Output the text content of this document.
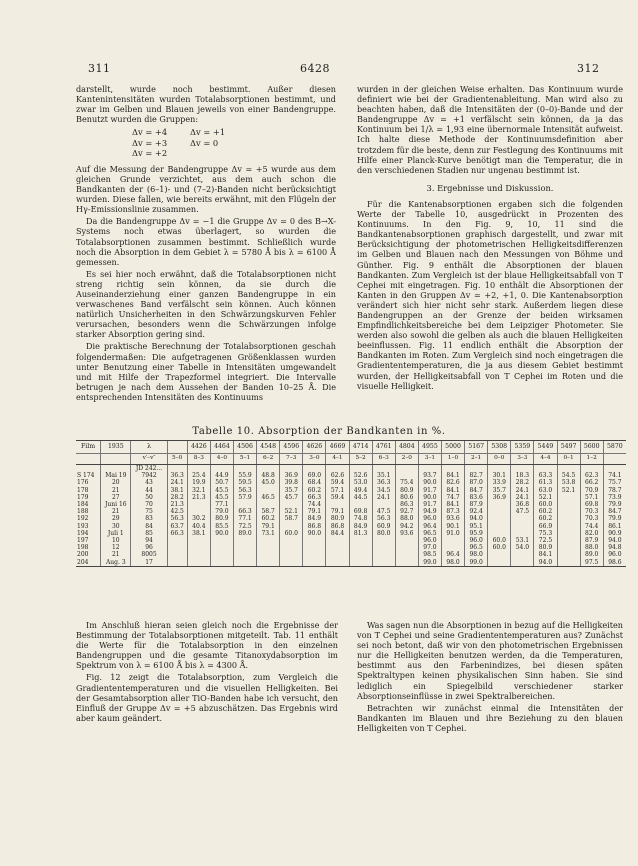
311	6428	312

darstellt, wurde noch bestimmt. Außer diesen Kantenintensitäten wurden Totalabsorptionen bestimmt, und zwar im Gelben und Blauen jeweils von einer Bandengruppe. Benutzt wurden die Gruppen:

Δv = +4	Δv = +1
Δv = +3	Δv = 0
Δv = +2

Auf die Messung der Bandengruppe Δv = +5 wurde aus dem gleichen Grunde verzichtet, aus dem auch schon die Bandkanten der (6–1)- und (7–2)-Banden nicht berücksichtigt wurden. Diese fallen, wie bereits erwähnt, mit den Flügeln der Hγ-Emissionslinie zusammen.

Da die Bandengruppe Δv = −1 die Gruppe Δv = 0 des B→X-Systems noch etwas überlagert, so wurden die Totalabsorptionen zusammen bestimmt. Schließlich wurde noch die Absorption in dem Gebiet λ = 5780 Å bis λ = 6100 Å gemessen.

Es sei hier noch erwähnt, daß die Totalabsorptionen nicht streng richtig sein können, da sie durch die Auseinanderziehung einer ganzen Bandengruppe in ein verwaschenes Band verfälscht sein können. Auch können natürlich Unsicherheiten in den Schwärzungskurven Fehler verursachen, besonders wenn die Schwärzungen infolge starker Absorption gering sind.

Die praktische Berechnung der Totalabsorptionen geschah folgendermaßen: Die aufgetragenen Größenklassen wurden unter Benutzung einer Tabelle in Intensitäten umgewandelt und mit Hilfe der Trapezformel integriert. Die Intervalle betrugen je nach dem Aussehen der Banden 10–25 Å. Die entsprechenden Intensitäten des Kontinuums

wurden in der gleichen Weise erhalten. Das Kontinuum wurde definiert wie bei der Gradientenableitung. Man wird also zu beachten haben, daß die Intensitäten der (0–0)-Bande und der Bandengruppe Δv = +1 verfälscht sein können, da ja das Kontinuum bei 1/λ = 1,93 eine übernormale Intensität aufweist. Ich halte diese Methode der Kontinuumsdefinition aber trotzdem für die beste, denn zur Festlegung des Kontinuums mit Hilfe einer Planck-Kurve benötigt man die Temperatur, die in den verschiedenen Stadien nur ungenau bestimmt ist.

3. Ergebnisse und Diskussion.

Für die Kantenabsorptionen ergaben sich die folgenden Werte der Tabelle 10, ausgedrückt in Prozenten des Kontinuums. In den Fig. 9, 10, 11 sind die Bandkantenabsorptionen graphisch dargestellt, und zwar mit Berücksichtigung der photometrischen Helligkeitsdifferenzen im Gelben und Blauen nach den Messungen von Böhme und Günther. Fig. 9 enthält die Absorptionen der blauen Bandkanten. Zum Vergleich ist der blaue Helligkeitsabfall von T Cephei mit eingetragen. Fig. 10 enthält die Absorptionen der Kanten in den Gruppen Δv = +2, +1, 0. Die Kantenabsorption verändert sich hier nicht sehr stark. Außerdem liegen diese Bandengruppen an der Grenze der beiden wirksamen Empfindlichkeitsbereiche bei dem Leipziger Photometer. Sie werden also sowohl die gelben als auch die blauen Helligkeiten beeinflussen. Fig. 11 endlich enthält die Absorption der Bandkanten im Roten. Zum Vergleich sind noch eingetragen die Gradiententemperaturen, die ja aus diesem Gebiet bestimmt wurden, der Helligkeitsabfall von T Cephei im Roten und die visuelle Helligkeit.

Tabelle 10. Absorption der Bandkanten in %.
Film	1935	λ		4426	4464	4506	4548	4596	4626	4669	4714	4761	4804	4955	5000	5167	5308	5359	5449	5497	5600	5870
		v′–v″	5–0	8–3	4–0	5–1	6–2	7–3	3–0	4–1	5–2	6–3	2–0	3–1	1–0	2–1	0–0	3–3	4–4	0–1	1–2	
		JD 242...																				
S 174	Mai 19	7942	36.3	25.4	44.9	55.9	48.8	36.9	69.0	62.6	52.6	35.1		93.7	84.1	82.7	30.1	18.3	63.3	54.5	62.3	74.1
176	20	43	24.1	19.9	50.7	59.5	45.0	39.8	68.4	59.4	53.0	36.3	75.4	90.0	82.6	87.0	33.9	28.2	61.3	53.8	66.2	75.7
178	21	44	38.1	32.1	45.5	56.3		35.7	60.2	57.1	49.4	34.5	80.9	91.7	84.1	84.7	35.7	24.1	63.0	52.1	70.9	78.7
179	27	50	28.2	21.3	45.5	57.9	46.5	45.7	66.3	59.4	44.5	24.1	80.6	90.0	74.7	83.6	36.9	24.1	52.1		57.1	73.9
184	Juni 16	70	21.3		77.1				74.4				86.3	91.7	84.1	87.9		36.8	60.0		69.8	79.9
188	21	75	42.5		79.0	66.3	58.7	52.1	79.1	79.1	69.8	47.5	92.7	94.9	87.3	92.4		47.5	60.2		70.3	84.7
192	29	83	56.3	30.2	80.9	77.1	60.2	58.7	84.9	80.9	74.8	56.3	88.0	96.0	93.6	94.0			60.2		70.3	79.9
193	30	84	63.7	40.4	85.5	72.5	79.1		86.8	86.8	84.9	60.9	94.2	96.4	90.1	95.1			66.9		74.4	86.1
194	Juli 1	85	66.3	38.1	90.0	89.0	73.1	60.0	90.0	84.4	81.3	80.0	93.6	96.5	91.0	95.9			75.3		82.0	90.9
197	10	94												96.0		96.0	60.0	53.1	72.5		87.9	94.0
198	12	96												97.0		96.5	60.0	54.0	80.9		88.0	94.8
200	21	8005												98.5	96.4	98.0			84.1		89.0	96.0
204	Aug. 3	17												99.0	98.0	99.0			94.0		97.5	98.6

Im Anschluß hieran seien gleich noch die Ergebnisse der Bestimmung der Totalabsorptionen mitgeteilt. Tab. 11 enthält die Werte für die Totalabsorption in den einzelnen Bandengruppen und die gesamte Titanoxydabsorption im Spektrum von λ = 6100 Å bis λ = 4300 Å.

Fig. 12 zeigt die Totalabsorption, zum Vergleich die Gradiententemperaturen und die visuellen Helligkeiten. Bei der Gesamtabsorption aller TiO-Banden habe ich versucht, den Einfluß der Gruppe Δv = +5 abzuschätzen. Das Ergebnis wird aber kaum geändert.

Was sagen nun die Absorptionen in bezug auf die Helligkeiten von T Cephei und seine Gradiententemperaturen aus? Zunächst sei noch betont, daß wir von den photometrischen Ergebnissen nur die Helligkeiten benutzen werden, da die Temperaturen, bestimmt aus den Farbenindizes, bei diesen späten Spektraltypen keinen physikalischen Sinn haben. Sie sind lediglich ein Spiegelbild verschiedener starker Absorptionseinflüsse in zwei Spektralbereichen.

Betrachten wir zunächst einmal die Intensitäten der Bandkanten im Blauen und ihre Beziehung zu den blauen Helligkeiten von T Cephei.
